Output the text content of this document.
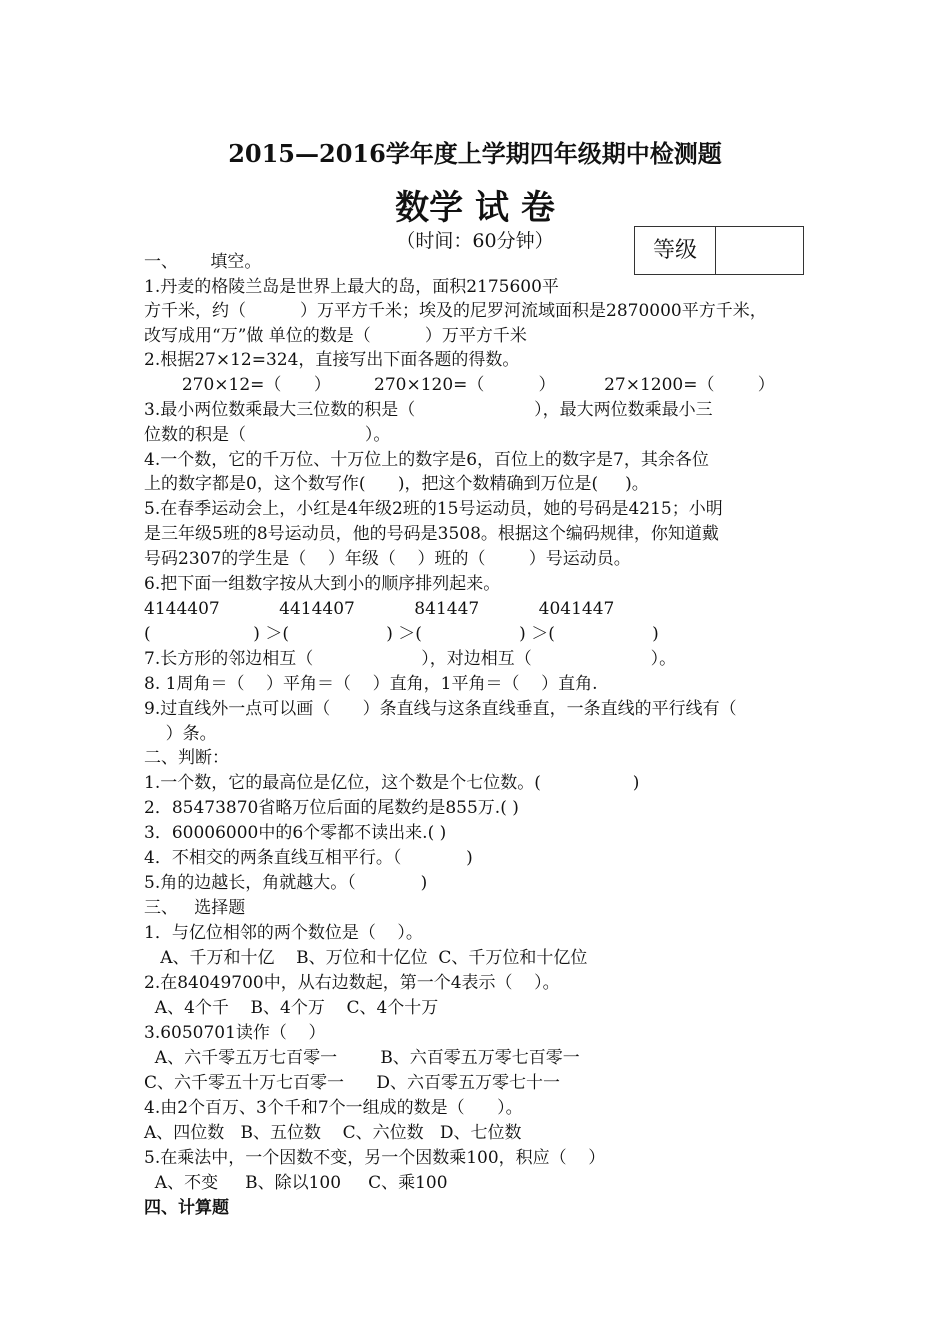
2015—2016学年度上学期四年级期中检测题
数学 试 卷
（时间：60分钟）	等级
一、      填空。
1.丹麦的格陵兰岛是世界上最大的岛，面积2175600平
方千米，约（          ）万平方千米；埃及的尼罗河流域面积是2870000平方千米，
改写成用“万”做 单位的数是（          ）万平方千米
2.根据27×12=324，直接写出下面各题的得数。
270×12=（      ）        270×120=（          ）         27×1200=（        ）
3.最小两位数乘最大三位数的积是（                      ），最大两位数乘最小三
位数的积是（                      ）。
4.一个数，它的千万位、十万位上的数字是6，百位上的数字是7，其余各位
上的数字都是0，这个数写作(      )，把这个数精确到万位是(     )。
5.在春季运动会上，小红是4年级2班的15号运动员，她的号码是4215；小明
是三年级5班的8号运动员，他的号码是3508。根据这个编码规律，你知道戴
号码2307的学生是（    ）年级（    ）班的（        ）号运动员。
6.把下面一组数字按从大到小的顺序排列起来。
4144407           4414407           841447           4041447
(                   ) ＞(                  ) ＞(                  ) ＞(                  )
7.长方形的邻边相互（                    ），对边相互（                      ）。
8. 1周角＝（    ）平角＝（    ）直角，1平角＝（    ）直角.
9.过直线外一点可以画（      ）条直线与这条直线垂直，一条直线的平行线有（
）条。
二、判断：
1.一个数，它的最高位是亿位，这个数是个七位数。(                 )
2．85473870省略万位后面的尾数约是855万.( )
3．60006000中的6个零都不读出来.( )
4．不相交的两条直线互相平行。（            )
5.角的边越长，角就越大。（            )
三、   选择题
1．与亿位相邻的两个数位是（    ）。
A、千万和十亿    B、万位和十亿位  C、千万位和十亿位
2.在84049700中，从右边数起，第一个4表示（    ）。
A、4个千    B、4个万    C、4个十万
3.6050701读作（    ）
A、六千零五万七百零一        B、六百零五万零七百零一
C、六千零五十万七百零一      D、六百零五万零七十一
4.由2个百万、3个千和7个一组成的数是（      ）。
A、四位数   B、五位数    C、六位数   D、七位数
5.在乘法中，一个因数不变，另一个因数乘100，积应（    ）
A、不变     B、除以100     C、乘100
四、计算题
